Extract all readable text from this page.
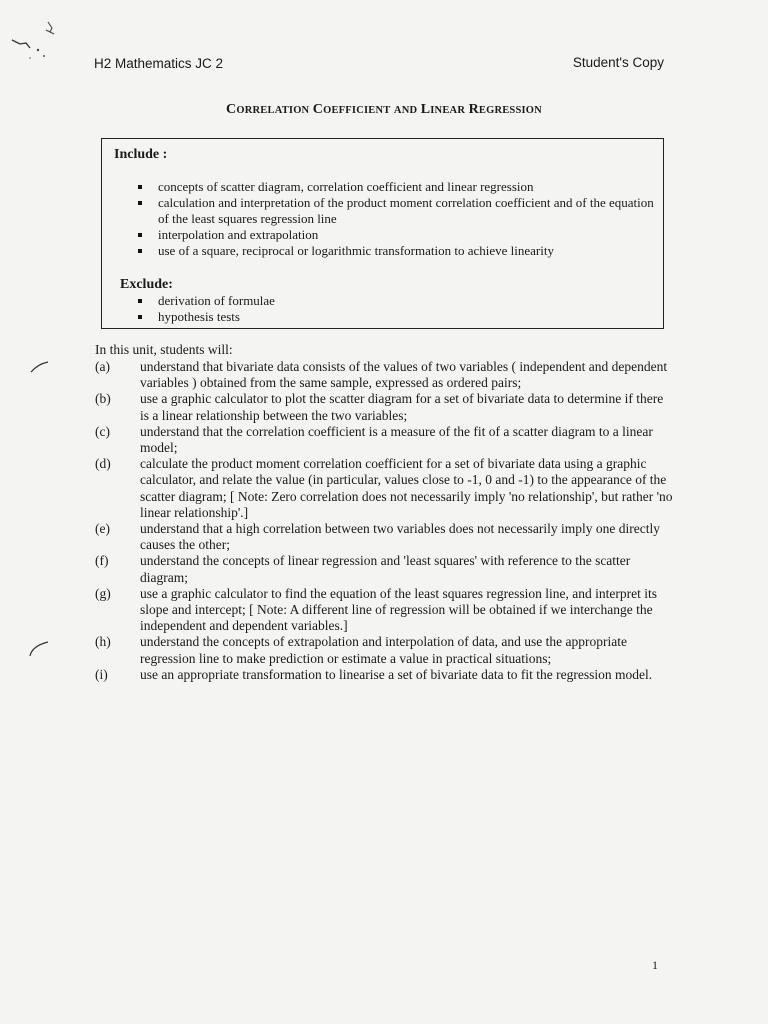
H2 Mathematics JC 2	Student's Copy
CORRELATION COEFFICIENT AND LINEAR REGRESSION
Include :
concepts of scatter diagram, correlation coefficient and linear regression
calculation and interpretation of the product moment correlation coefficient and of the equation of the least squares regression line
interpolation and extrapolation
use of a square, reciprocal or logarithmic transformation to achieve linearity
Exclude:
derivation of formulae
hypothesis tests
In this unit, students will:
(a) understand that bivariate data consists of the values of two variables ( independent and dependent variables ) obtained from the same sample, expressed as ordered pairs;
(b) use a graphic calculator to plot the scatter diagram for a set of bivariate data to determine if there is a linear relationship between the two variables;
(c) understand that the correlation coefficient is a measure of the fit of a scatter diagram to a linear model;
(d) calculate the product moment correlation coefficient for a set of bivariate data using a graphic calculator, and relate the value (in particular, values close to -1, 0 and -1) to the appearance of the scatter diagram; [ Note: Zero correlation does not necessarily imply 'no relationship', but rather 'no linear relationship'.]
(e) understand that a high correlation between two variables does not necessarily imply one directly causes the other;
(f) understand the concepts of linear regression and 'least squares' with reference to the scatter diagram;
(g) use a graphic calculator to find the equation of the least squares regression line, and interpret its slope and intercept; [ Note: A different line of regression will be obtained if we interchange the independent and dependent variables.]
(h) understand the concepts of extrapolation and interpolation of data, and use the appropriate regression line to make prediction or estimate a value in practical situations;
(i) use an appropriate transformation to linearise a set of bivariate data to fit the regression model.
1
